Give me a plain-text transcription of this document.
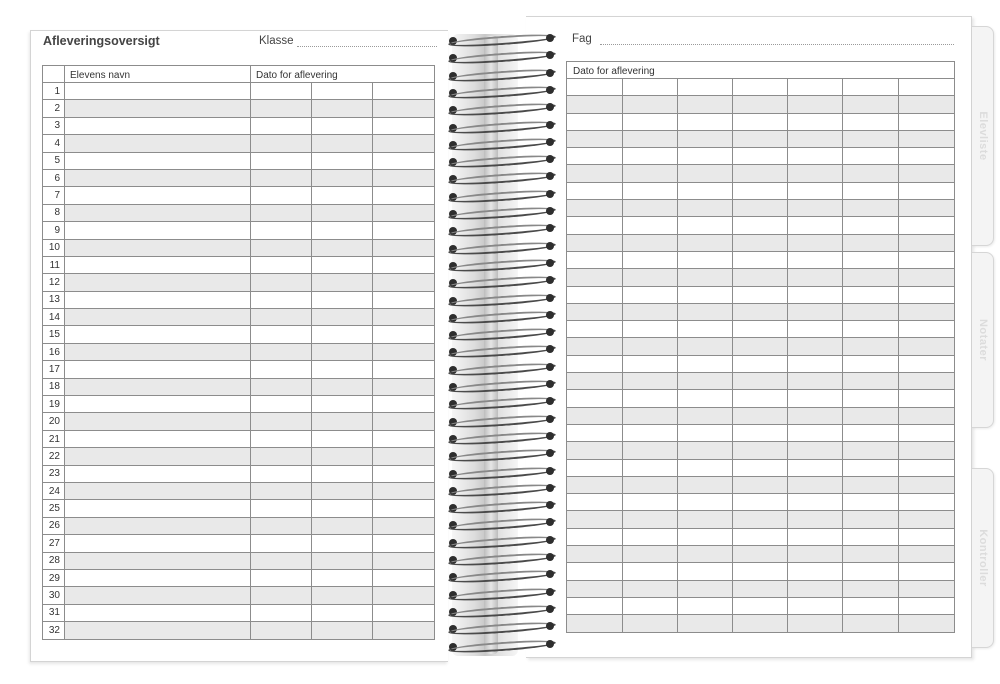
Afleveringsoversigt	Klasse
	Elevens navn	Dato for aflevering		
1				
2				
3				
4				
5				
6				
7				
8				
9				
10				
11				
12				
13				
14				
15				
16				
17				
18				
19				
20				
21				
22				
23				
24				
25				
26				
27				
28				
29				
30				
31				
32				
Fag
Dato for aflevering						

Elevliste
Notater
Kontroller
